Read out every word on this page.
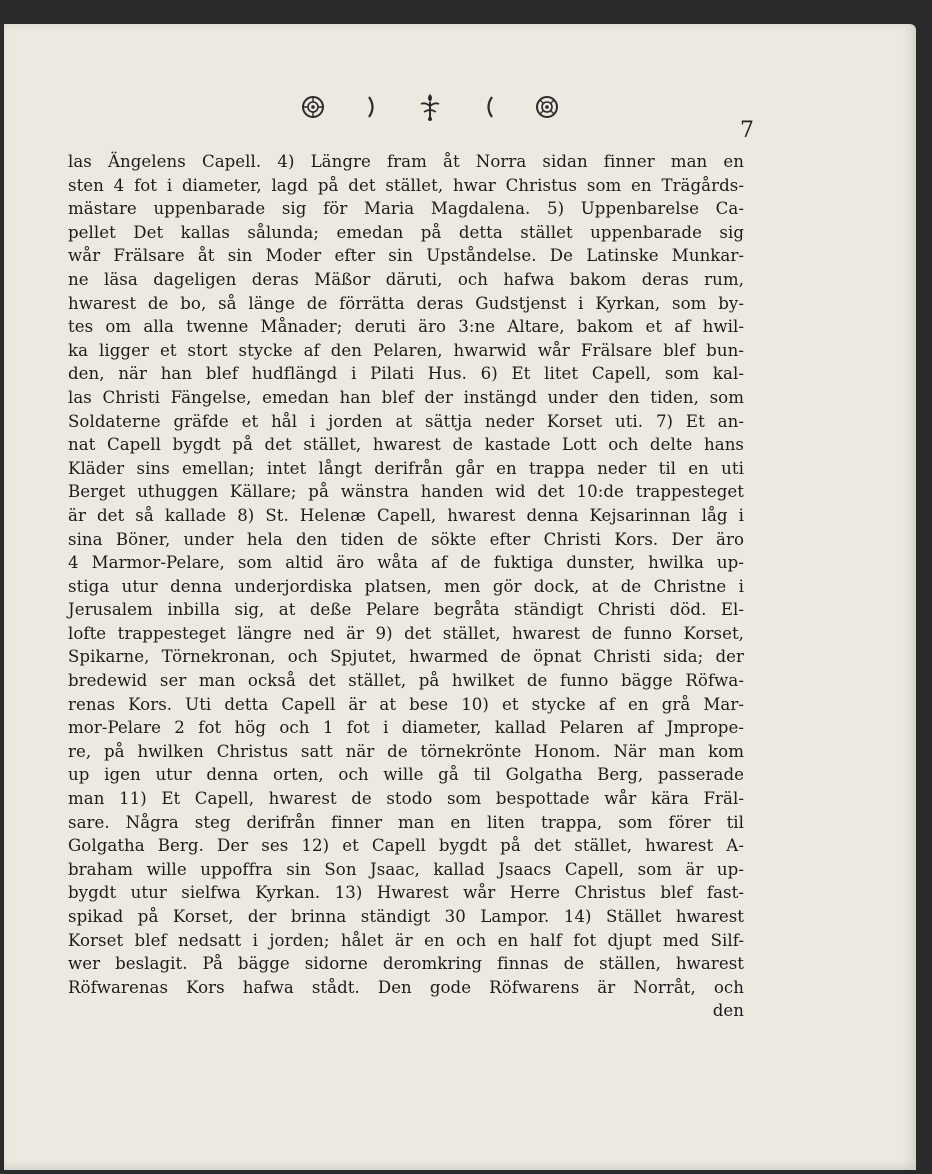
7
las Ängelens Capell. 4) Längre fram åt Norra sidan finner man en
sten 4 fot i diameter, lagd på det stället, hwar Christus som en Trägårds-
mästare uppenbarade sig för Maria Magdalena. 5) Uppenbarelse Ca-
pellet Det kallas sålunda; emedan på detta stället uppenbarade sig
wår Frälsare åt sin Moder efter sin Upståndelse. De Latinske Munkar-
ne läsa dageligen deras Mäßor däruti, och hafwa bakom deras rum,
hwarest de bo, så länge de förrätta deras Gudstjenst i Kyrkan, som by-
tes om alla twenne Månader; deruti äro 3:ne Altare, bakom et af hwil-
ka ligger et stort stycke af den Pelaren, hwarwid wår Frälsare blef bun-
den, när han blef hudflängd i Pilati Hus. 6) Et litet Capell, som kal-
las Christi Fängelse, emedan han blef der instängd under den tiden, som
Soldaterne gräfde et hål i jorden at sättja neder Korset uti. 7) Et an-
nat Capell bygdt på det stället, hwarest de kastade Lott och delte hans
Kläder sins emellan; intet långt derifrån går en trappa neder til en uti
Berget uthuggen Källare; på wänstra handen wid det 10:de trappesteget
är det så kallade 8) St. Helenæ Capell, hwarest denna Kejsarinnan låg i
sina Böner, under hela den tiden de sökte efter Christi Kors. Der äro
4 Marmor-Pelare, som altid äro wåta af de fuktiga dunster, hwilka up-
stiga utur denna underjordiska platsen, men gör dock, at de Christne i
Jerusalem inbilla sig, at deße Pelare begråta ständigt Christi död. El-
lofte trappesteget längre ned är 9) det stället, hwarest de funno Korset,
Spikarne, Törnekronan, och Spjutet, hwarmed de öpnat Christi sida; der
bredewid ser man också det stället, på hwilket de funno bägge Röfwa-
renas Kors. Uti detta Capell är at bese 10) et stycke af en grå Mar-
mor-Pelare 2 fot hög och 1 fot i diameter, kallad Pelaren af Jmprope-
re, på hwilken Christus satt när de törnekrönte Honom. När man kom
up igen utur denna orten, och wille gå til Golgatha Berg, passerade
man 11) Et Capell, hwarest de stodo som bespottade wår kära Fräl-
sare. Några steg derifrån finner man en liten trappa, som förer til
Golgatha Berg. Der ses 12) et Capell bygdt på det stället, hwarest A-
braham wille uppoffra sin Son Jsaac, kallad Jsaacs Capell, som är up-
bygdt utur sielfwa Kyrkan. 13) Hwarest wår Herre Christus blef fast-
spikad på Korset, der brinna ständigt 30 Lampor. 14) Stället hwarest
Korset blef nedsatt i jorden; hålet är en och en half fot djupt med Silf-
wer beslagit. På bägge sidorne deromkring finnas de ställen, hwarest
Röfwarenas Kors hafwa stådt. Den gode Röfwarens är Norråt, och
den
